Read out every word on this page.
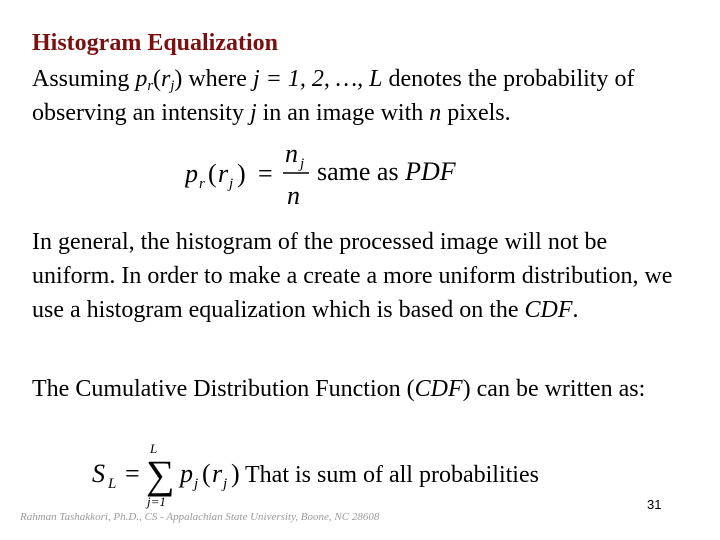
Histogram Equalization
Assuming $p_r(r_j)$ where j = 1, 2, …, L denotes the probability of observing an intensity j in an image with n pixels.
p r ( r j ) =
n j
n
same as PDF
In general, the histogram of the processed image will not be uniform. In order to make a create a more uniform distribution, we use a histogram equalization which is based on the CDF.
The Cumulative Distribution Function (CDF) can be written as:
S L =
L
∑
j=1
p j ( r j ) That is sum of all probabilities
Rahman Tashakkori, Ph.D., CS - Appalachian State University, Boone, NC 28608
31
